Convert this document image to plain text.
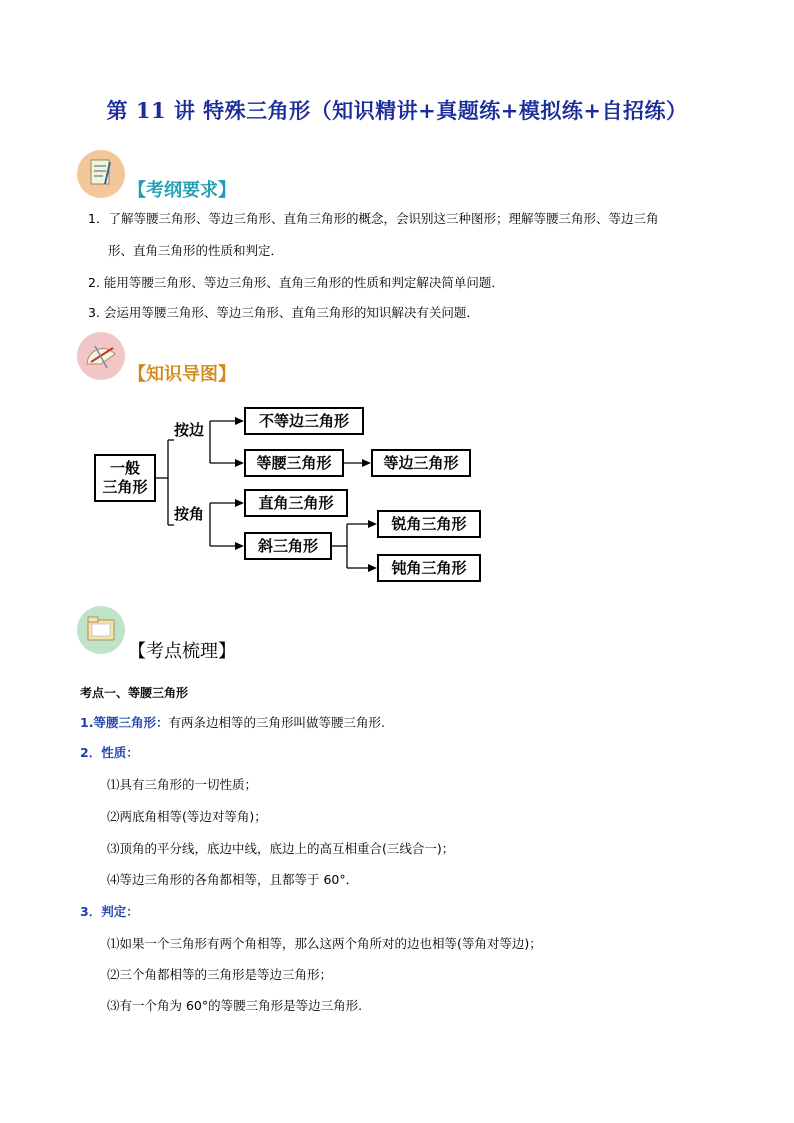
第 11 讲 特殊三角形（知识精讲+真题练+模拟练+自招练）
【考纲要求】
1．了解等腰三角形、等边三角形、直角三角形的概念，会识别这三种图形；理解等腰三角形、等边三角
形、直角三角形的性质和判定．
2. 能用等腰三角形、等边三角形、直角三角形的性质和判定解决简单问题．
3. 会运用等腰三角形、等边三角形、直角三角形的知识解决有关问题．
【知识导图】
一般
三角形
按边
按角
不等边三角形
等腰三角形	等边三角形
直角三角形
斜三角形
锐角三角形
钝角三角形
【考点梳理】
考点一、等腰三角形
1.等腰三角形：有两条边相等的三角形叫做等腰三角形.
2．性质：
⑴具有三角形的一切性质；
⑵两底角相等(等边对等角)；
⑶顶角的平分线，底边中线，底边上的高互相重合(三线合一)；
⑷等边三角形的各角都相等，且都等于 60°．
3．判定：
⑴如果一个三角形有两个角相等，那么这两个角所对的边也相等(等角对等边)；
⑵三个角都相等的三角形是等边三角形；
⑶有一个角为 60°的等腰三角形是等边三角形.
